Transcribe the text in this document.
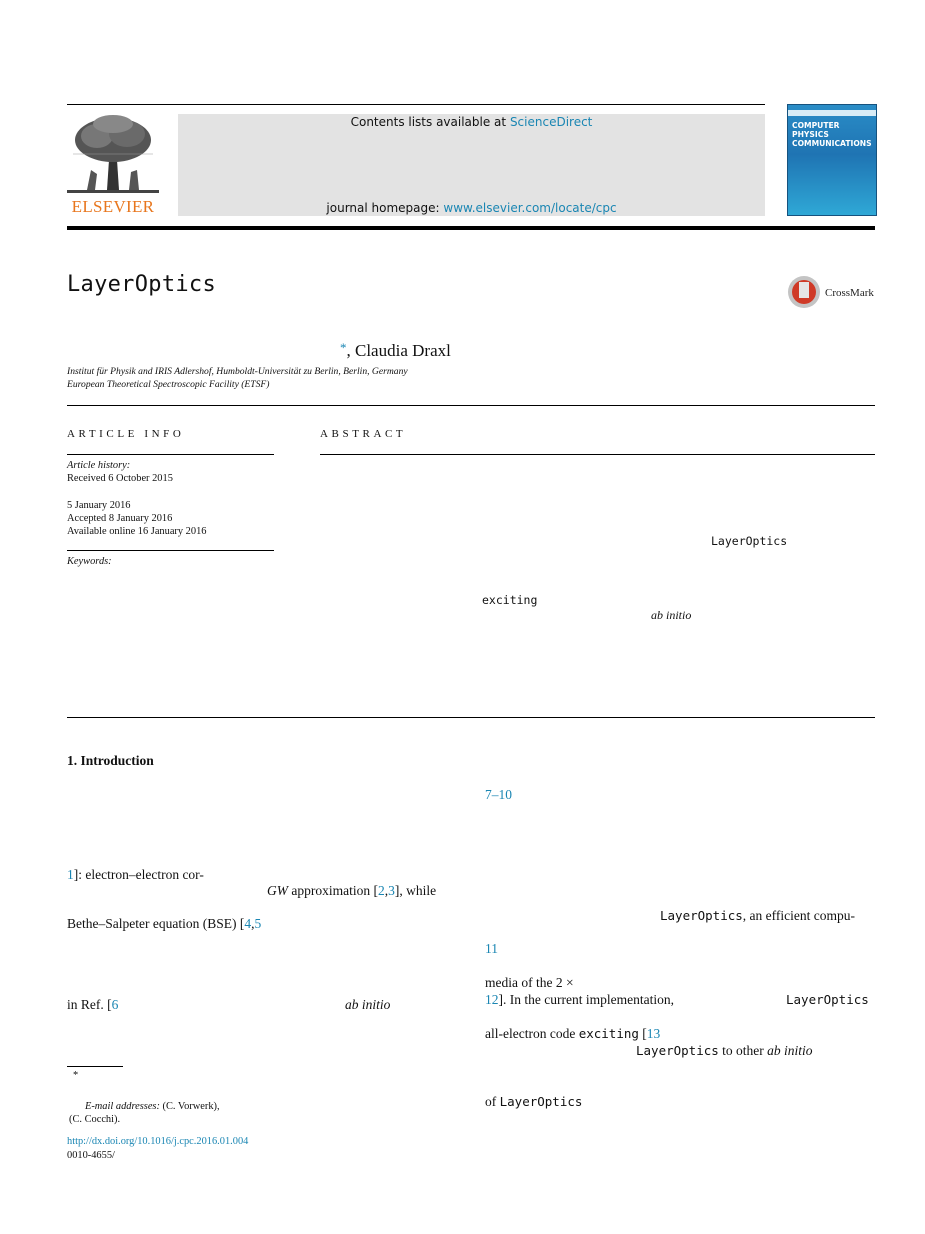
ELSEVIER
Contents lists available at ScienceDirect
journal homepage: www.elsevier.com/locate/cpc
COMPUTER PHYSICS COMMUNICATIONS
LayerOptics	CrossMark
*, Claudia Draxl
Institut für Physik and IRIS Adlershof, Humboldt-Universität zu Berlin, Berlin, Germany
European Theoretical Spectroscopic Facility (ETSF)
ARTICLE INFO
Article history:
Received 6 October 2015
5 January 2016
Accepted 8 January 2016
Available online 16 January 2016
Keywords:
ABSTRACT
LayerOptics
exciting
ab initio
1. Introduction
1]: electron–electron cor-
GW approximation [2,3], while
Bethe–Salpeter equation (BSE) [4,5
in Ref. [6	ab initio
7–10
LayerOptics, an efficient compu-
11
media of the 2 ×
12]. In the current implementation,	LayerOptics
all-electron code exciting [13
LayerOptics to other ab initio
of LayerOptics
*
E-mail addresses: (C. Vorwerk),
(C. Cocchi).
http://dx.doi.org/10.1016/j.cpc.2016.01.004
0010-4655/
